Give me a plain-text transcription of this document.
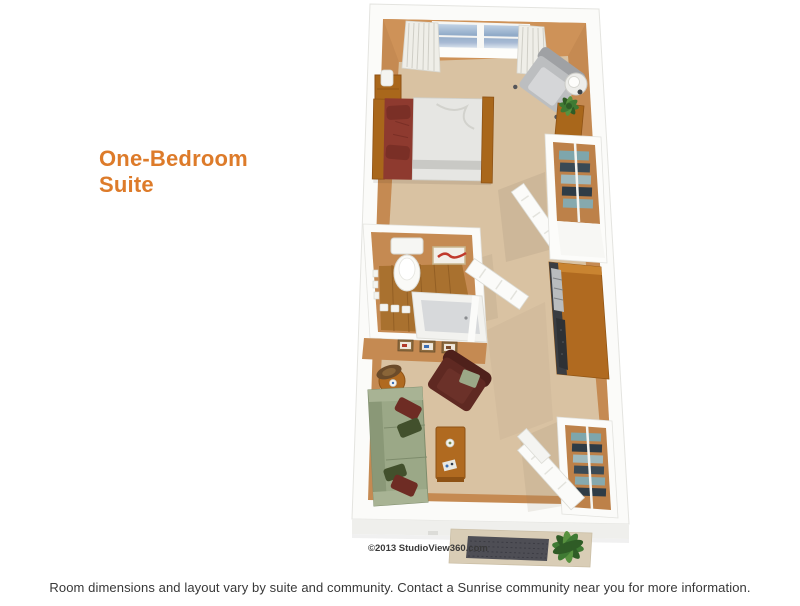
One-Bedroom
Suite
©2013 StudioView360.com
Room dimensions and layout vary by suite and community. Contact a Sunrise community near you for more information.
